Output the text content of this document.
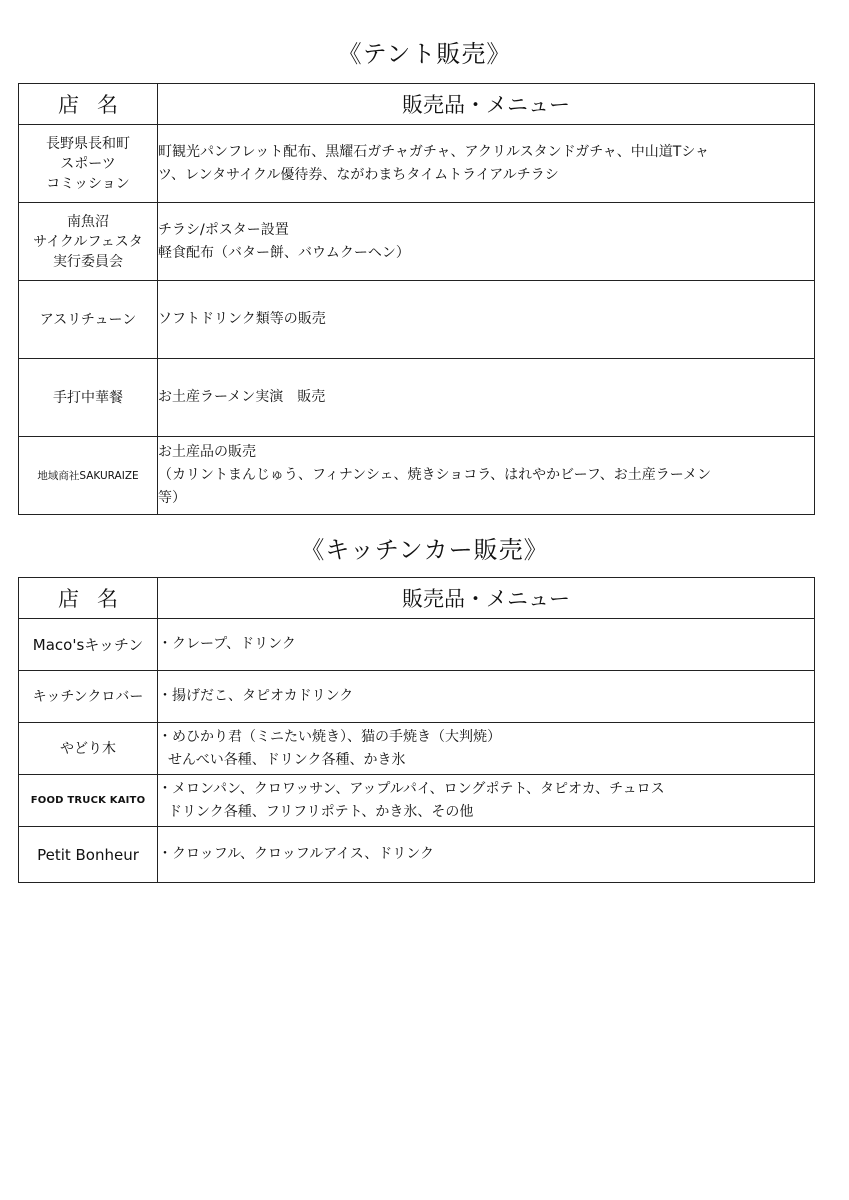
《テント販売》
店名	販売品・メニュー

長野県長和町
スポーツ
コミッション	町観光パンフレット配布、黒耀石ガチャガチャ、アクリルスタンドガチャ、中山道Tシャ
ツ、レンタサイクル優待券、ながわまちタイムトライアルチラシ

南魚沼
サイクルフェスタ
実行委員会	チラシ/ポスター設置
軽食配布（バター餅、バウムクーヘン）

アスリチューン	ソフトドリンク類等の販売

手打中華餐	お土産ラーメン実演　販売

地域商社SAKURAIZE	お土産品の販売
（カリントまんじゅう、フィナンシェ、焼きショコラ、はれやかビーフ、お土産ラーメン
等）
《キッチンカー販売》
店名	販売品・メニュー
Maco'sキッチン	・クレープ、ドリンク

キッチンクロバー	・揚げだこ、タピオカドリンク

やどり木	・めひかり君（ミニたい焼き）、猫の手焼き（大判焼）
せんべい各種、ドリンク各種、かき氷

FOOD TRUCK KAITO	・メロンパン、クロワッサン、アップルパイ、ロングポテト、タピオカ、チュロス
ドリンク各種、フリフリポテト、かき氷、その他

Petit Bonheur	・クロッフル、クロッフルアイス、ドリンク
